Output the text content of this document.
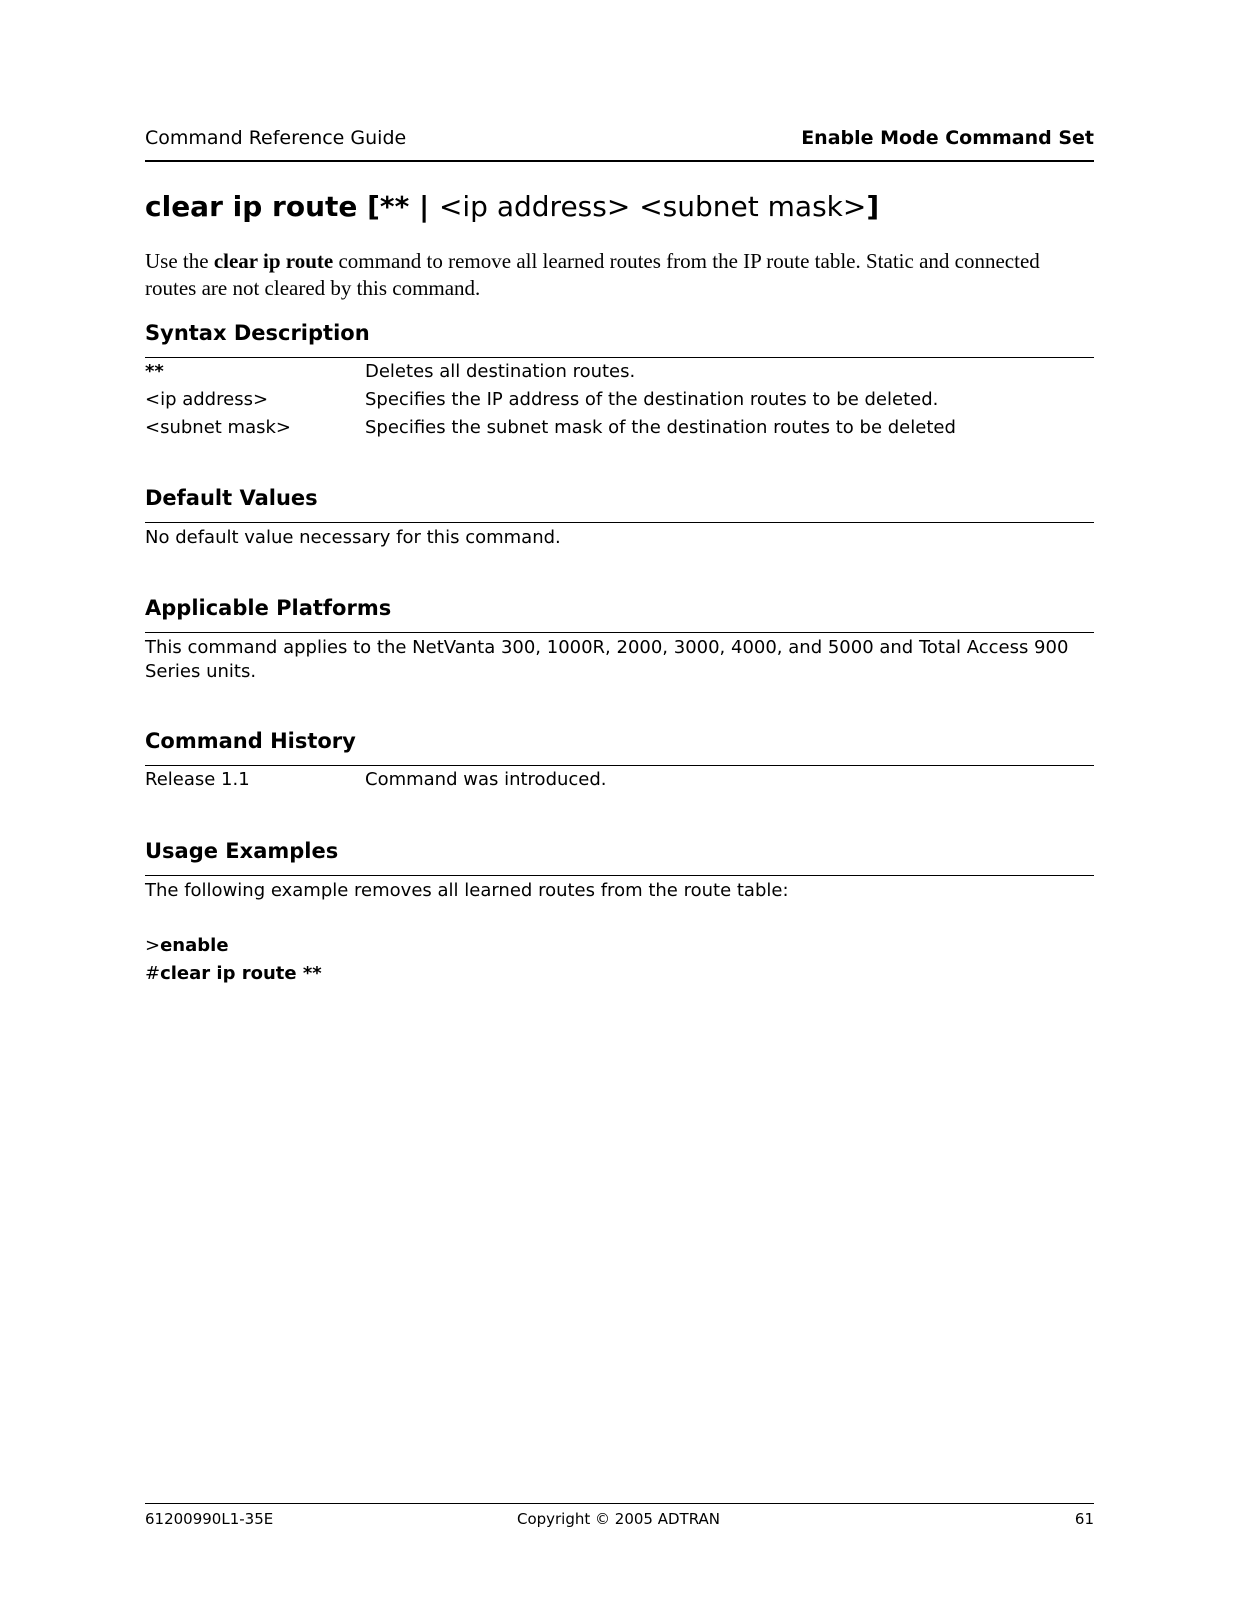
Command Reference Guide	Enable Mode Command Set
clear ip route [** | <ip address> <subnet mask>]
Use the clear ip route command to remove all learned routes from the IP route table. Static and connected routes are not cleared by this command.
Syntax Description
**	Deletes all destination routes.
<ip address>	Specifies the IP address of the destination routes to be deleted.
<subnet mask>	Specifies the subnet mask of the destination routes to be deleted
Default Values
No default value necessary for this command.
Applicable Platforms
This command applies to the NetVanta 300, 1000R, 2000, 3000, 4000, and 5000 and Total Access 900 Series units.
Command History
Release 1.1	Command was introduced.
Usage Examples
The following example removes all learned routes from the route table:
>enable
#clear ip route **
61200990L1-35E	Copyright © 2005 ADTRAN	61
